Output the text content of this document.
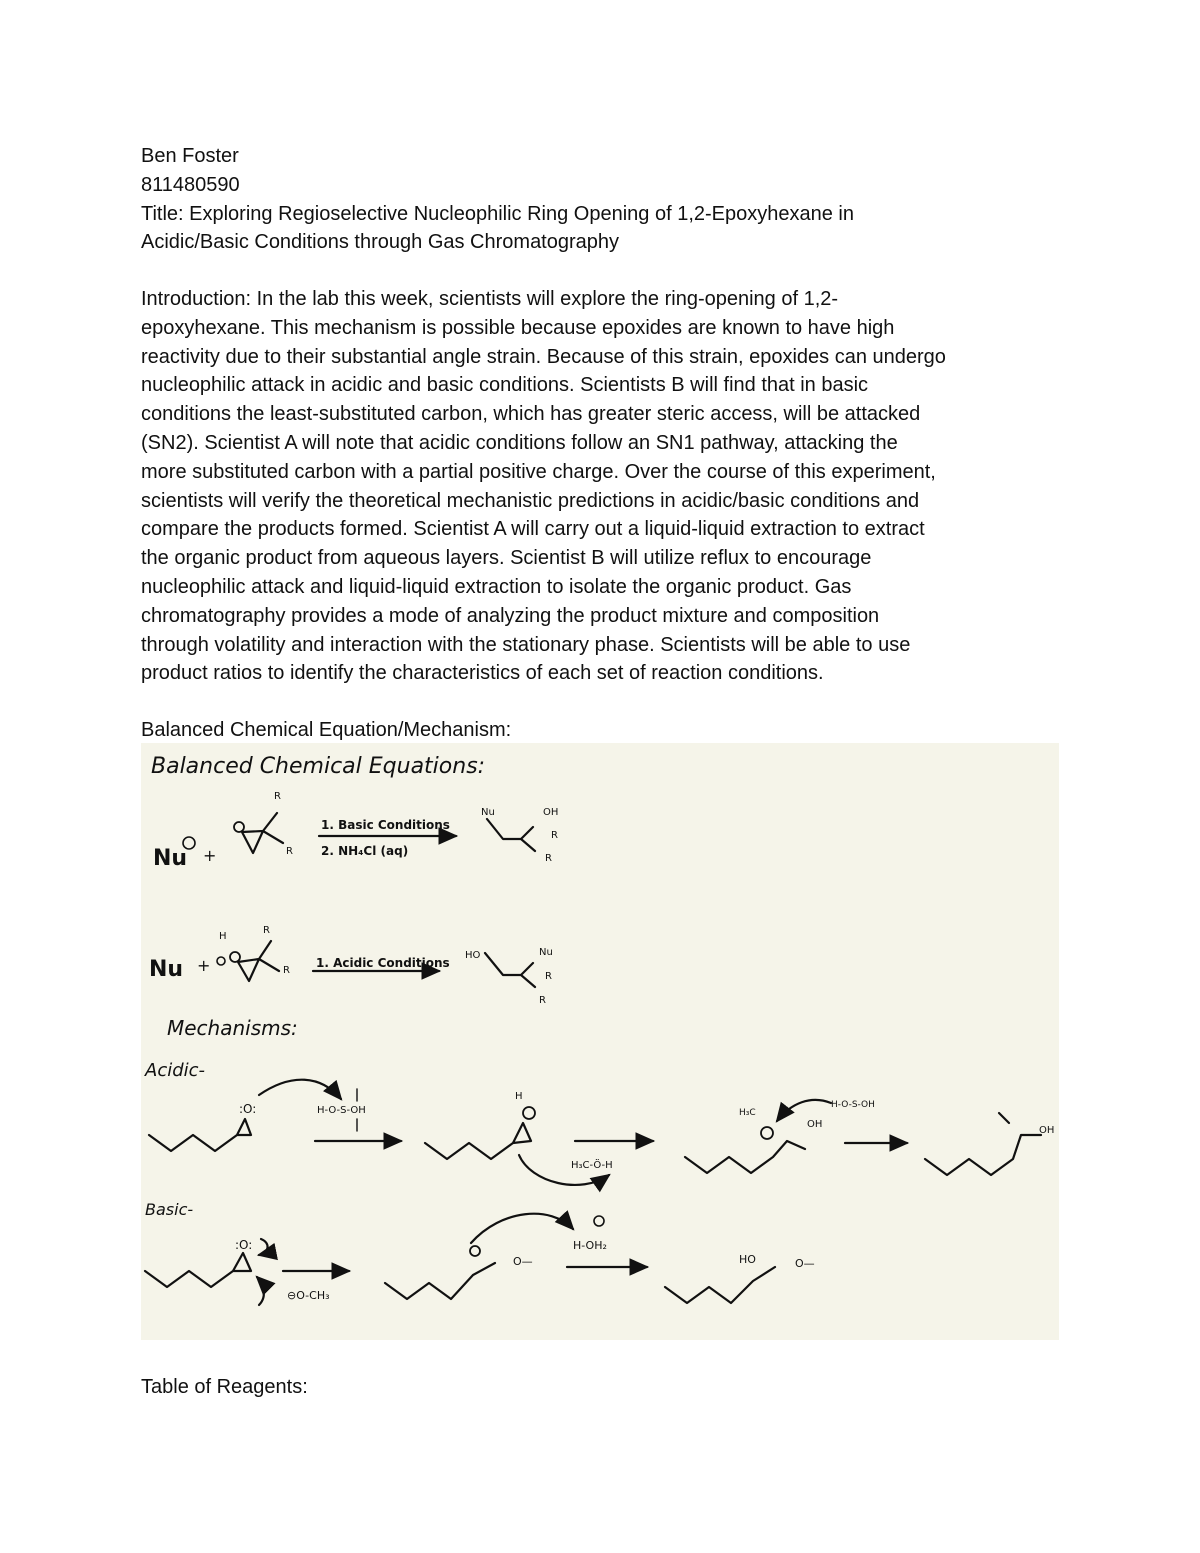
Ben Foster
811480590
Title: Exploring Regioselective Nucleophilic Ring Opening of 1,2-Epoxyhexane in
Acidic/Basic Conditions through Gas Chromatography
Introduction: In the lab this week, scientists will explore the ring-opening of 1,2-
epoxyhexane. This mechanism is possible because epoxides are known to have high
reactivity due to their substantial angle strain. Because of this strain, epoxides can undergo
nucleophilic attack in acidic and basic conditions. Scientists B will find that in basic
conditions the least-substituted carbon, which has greater steric access, will be attacked
(SN2). Scientist A will note that acidic conditions follow an SN1 pathway, attacking the
more substituted carbon with a partial positive charge. Over the course of this experiment,
scientists will verify the theoretical mechanistic predictions in acidic/basic conditions and
compare the products formed. Scientist A will carry out a liquid-liquid extraction to extract
the organic product from aqueous layers. Scientist B will utilize reflux to encourage
nucleophilic attack and liquid-liquid extraction to isolate the organic product. Gas
chromatography provides a mode of analyzing the product mixture and composition
through volatility and interaction with the stationary phase. Scientists will be able to use
product ratios to identify the characteristics of each set of reaction conditions.
Balanced Chemical Equation/Mechanism:
Balanced Chemical Equations:
Nu +
R
R
1. Basic Conditions
2. NH₄Cl (aq)
Nu	OH
R
R
Nu +
H
R
R
1. Acidic Conditions
HO	Nu
R
R
Mechanisms:
Acidic-
:O:	H-O-S-OH
H
H₃C-Ö-H
H₃C
OH
H-O-S-OH
OH
Basic-
:O:
⊖O-CH₃
O—
H-OH₂
HO	O—
Table of Reagents:
